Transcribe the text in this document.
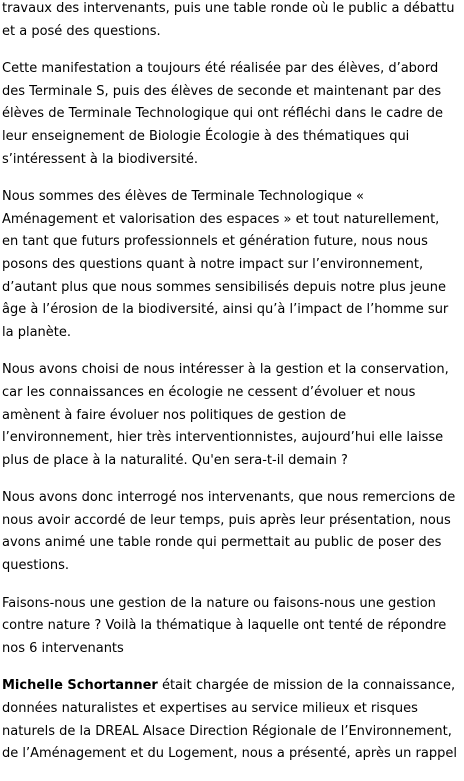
travaux des intervenants, puis une table ronde où le public a débattu et a posé des questions.

Cette manifestation a toujours été réalisée par des élèves, d’abord des Terminale S, puis des élèves de seconde et maintenant par des élèves de Terminale Technologique qui ont réfléchi dans le cadre de leur enseignement de Biologie Écologie à des thématiques qui s’intéressent à la biodiversité.

Nous sommes des élèves de Terminale Technologique « Aménagement et valorisation des espaces » et tout naturellement, en tant que futurs professionnels et génération future, nous nous posons des questions quant à notre impact sur l’environnement, d’autant plus que nous sommes sensibilisés depuis notre plus jeune âge à l’érosion de la biodiversité, ainsi qu’à l’impact de l’homme sur la planète.

Nous avons choisi de nous intéresser à la gestion et la conservation, car les connaissances en écologie ne cessent d’évoluer et nous amènent à faire évoluer nos politiques de gestion de l’environnement, hier très interventionnistes, aujourd’hui elle laisse plus de place à la naturalité. Qu'en sera-t-il demain ?

Nous avons donc interrogé nos intervenants, que nous remercions de nous avoir accordé de leur temps, puis après leur présentation, nous avons animé une table ronde qui permettait au public de poser des questions.

Faisons-nous une gestion de la nature ou faisons-nous une gestion contre nature ? Voilà la thématique à laquelle ont tenté de répondre nos 6 intervenants

Michelle Schortanner était chargée de mission de la connaissance, données naturalistes et expertises au service milieux et risques naturels de la DREAL Alsace Direction Régionale de l’Environnement, de l’Aménagement et du Logement, nous a présenté, après un rappel
